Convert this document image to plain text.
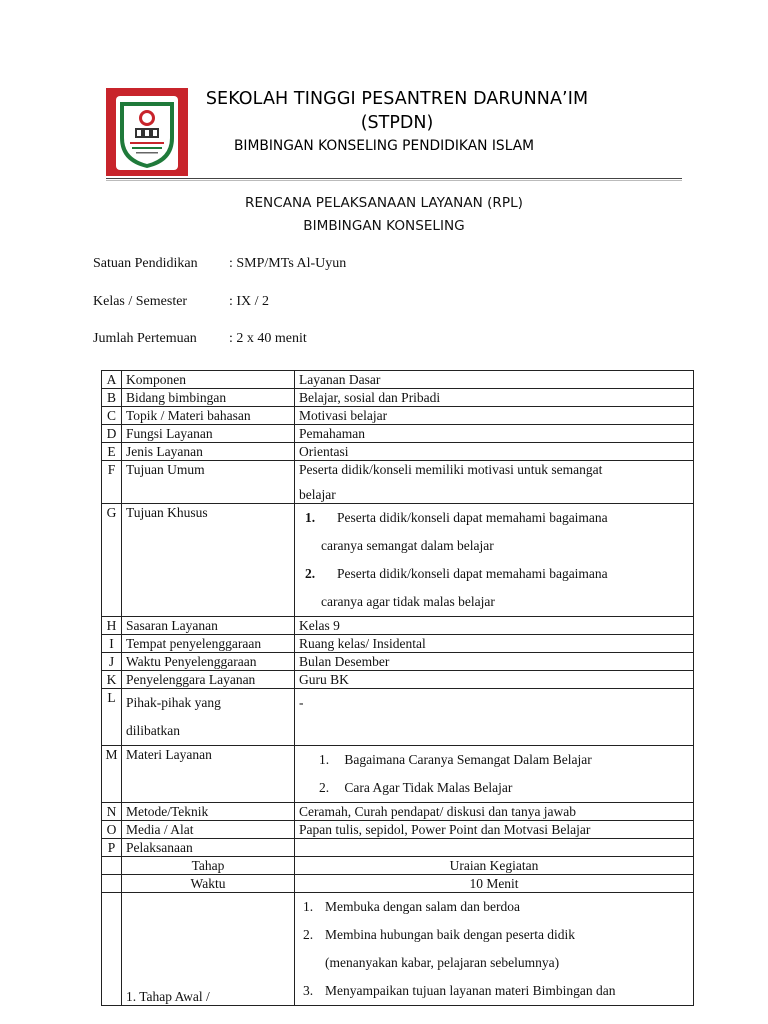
SEKOLAH TINGGI PESANTREN DARUNNA’IM
(STPDN)
BIMBINGAN KONSELING PENDIDIKAN ISLAM
RENCANA PELAKSANAAN LAYANAN (RPL)
BIMBINGAN KONSELING
Satuan Pendidikan : SMP/MTs Al-Uyun
Kelas / Semester	: IX / 2
Jumlah Pertemuan : 2 x 40 menit
A	Komponen	Layanan Dasar
B	Bidang bimbingan	Belajar, sosial dan Pribadi
C	Topik / Materi bahasan	Motivasi belajar
D	Fungsi Layanan	Pemahaman
E	Jenis Layanan	Orientasi
F	Tujuan Umum	Peserta didik/konseli memiliki motivasi untuk semangat
belajar

G	Tujuan Khusus	1. Peserta didik/konseli dapat memahami bagaimana
caranya semangat dalam belajar
2. Peserta didik/konseli dapat memahami bagaimana
caranya agar tidak malas belajar

H	Sasaran Layanan	Kelas 9
I	Tempat penyelenggaraan	Ruang kelas/ Insidental
J	Waktu Penyelenggaraan	Bulan Desember
K	Penyelenggara Layanan	Guru BK
L	Pihak-pihak yang
dilibatkan	-
M	Materi Layanan	1. Bagaimana Caranya Semangat Dalam Belajar
2. Cara Agar Tidak Malas Belajar

N	Metode/Teknik	Ceramah, Curah pendapat/ diskusi dan tanya jawab
O	Media / Alat	Papan tulis, sepidol, Power Point dan Motvasi Belajar
P	Pelaksanaan	
	Tahap	Uraian Kegiatan
	Waktu	10 Menit
	1. Tahap Awal /	1. Membuka dengan salam dan berdoa
2. Membina hubungan baik dengan peserta didik
(menanyakan kabar, pelajaran sebelumnya)
3. Menyampaikan tujuan layanan materi Bimbingan dan
